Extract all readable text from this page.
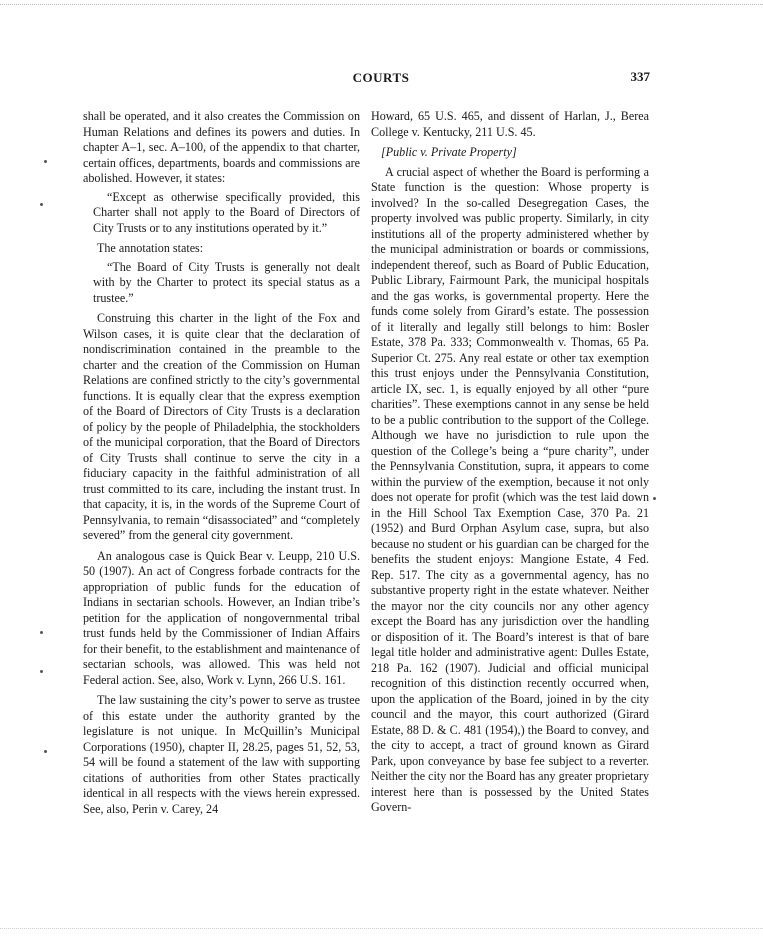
COURTS	337

shall be operated, and it also creates the Commission on Human Relations and defines its powers and duties. In chapter A–1, sec. A–100, of the appendix to that charter, certain offices, departments, boards and commissions are abolished. However, it states:

“Except as otherwise specifically provided, this Charter shall not apply to the Board of Directors of City Trusts or to any institutions operated by it.”

The annotation states:

“The Board of City Trusts is generally not dealt with by the Charter to protect its special status as a trustee.”

Construing this charter in the light of the Fox and Wilson cases, it is quite clear that the declaration of nondiscrimination contained in the preamble to the charter and the creation of the Commission on Human Relations are confined strictly to the city’s governmental functions. It is equally clear that the express exemption of the Board of Directors of City Trusts is a declaration of policy by the people of Philadelphia, the stockholders of the municipal corporation, that the Board of Directors of City Trusts shall continue to serve the city in a fiduciary capacity in the faithful administration of all trust committed to its care, including the instant trust. In that capacity, it is, in the words of the Supreme Court of Pennsylvania, to remain “disassociated” and “completely severed” from the general city government.

An analogous case is Quick Bear v. Leupp, 210 U.S. 50 (1907). An act of Congress forbade contracts for the appropriation of public funds for the education of Indians in sectarian schools. However, an Indian tribe’s petition for the application of nongovernmental tribal trust funds held by the Commissioner of Indian Affairs for their benefit, to the establishment and maintenance of sectarian schools, was allowed. This was held not Federal action. See, also, Work v. Lynn, 266 U.S. 161.

The law sustaining the city’s power to serve as trustee of this estate under the authority granted by the legislature is not unique. In McQuillin’s Municipal Corporations (1950), chapter II, 28.25, pages 51, 52, 53, 54 will be found a statement of the law with supporting citations of authorities from other States practically identical in all respects with the views herein expressed. See, also, Perin v. Carey, 24

Howard, 65 U.S. 465, and dissent of Harlan, J., Berea College v. Kentucky, 211 U.S. 45.

[Public v. Private Property]

A crucial aspect of whether the Board is performing a State function is the question: Whose property is involved? In the so-called Desegregation Cases, the property involved was public property. Similarly, in city institutions all of the property administered whether by the municipal administration or boards or commissions, independent thereof, such as Board of Public Education, Public Library, Fairmount Park, the municipal hospitals and the gas works, is governmental property. Here the funds come solely from Girard’s estate. The possession of it literally and legally still belongs to him: Bosler Estate, 378 Pa. 333; Commonwealth v. Thomas, 65 Pa. Superior Ct. 275. Any real estate or other tax exemption this trust enjoys under the Pennsylvania Constitution, article IX, sec. 1, is equally enjoyed by all other “pure charities”. These exemptions cannot in any sense be held to be a public contribution to the support of the College. Although we have no jurisdiction to rule upon the question of the College’s being a “pure charity”, under the Pennsylvania Constitution, supra, it appears to come within the purview of the exemption, because it not only does not operate for profit (which was the test laid down in the Hill School Tax Exemption Case, 370 Pa. 21 (1952) and Burd Orphan Asylum case, supra, but also because no student or his guardian can be charged for the benefits the student enjoys: Mangione Estate, 4 Fed. Rep. 517. The city as a governmental agency, has no substantive property right in the estate whatever. Neither the mayor nor the city councils nor any other agency except the Board has any jurisdiction over the handling or disposition of it. The Board’s interest is that of bare legal title holder and administrative agent: Dulles Estate, 218 Pa. 162 (1907). Judicial and official municipal recognition of this distinction recently occurred when, upon the application of the Board, joined in by the city council and the mayor, this court authorized (Girard Estate, 88 D. & C. 481 (1954),) the Board to convey, and the city to accept, a tract of ground known as Girard Park, upon conveyance by base fee subject to a reverter. Neither the city nor the Board has any greater proprietary interest here than is possessed by the United States Govern-
